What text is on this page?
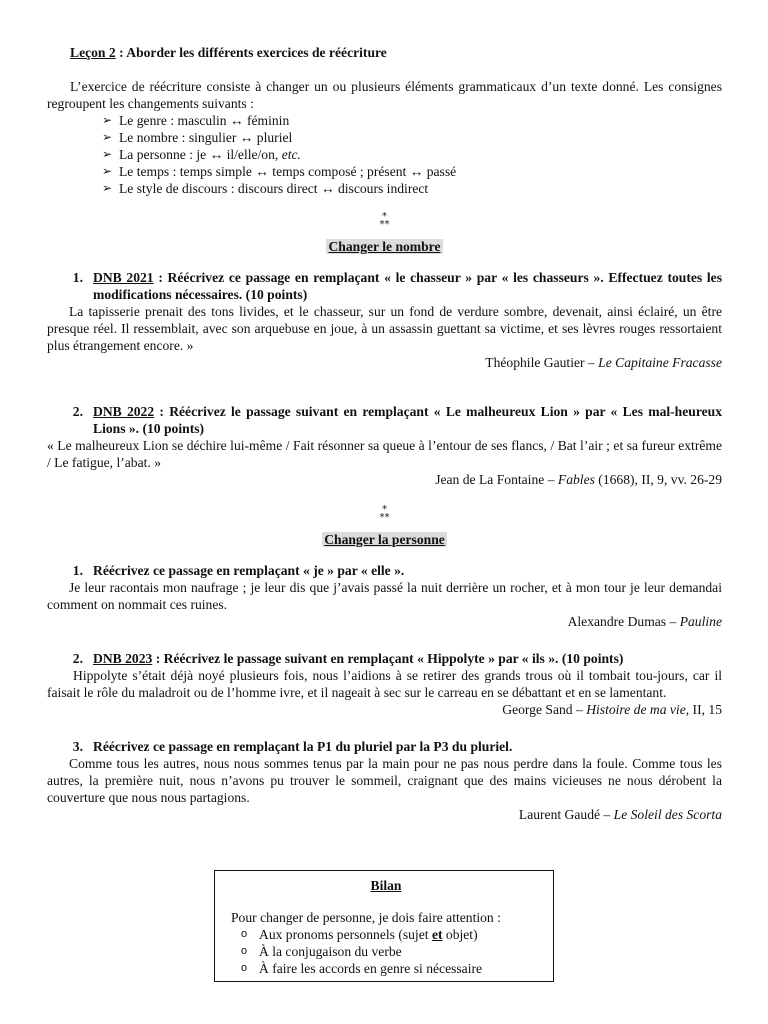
Leçon 2 : Aborder les différents exercices de réécriture
L’exercice de réécriture consiste à changer un ou plusieurs éléments grammaticaux d’un texte donné. Les consignes regroupent les changements suivants :
➢ Le genre : masculin ↔ féminin
➢ Le nombre : singulier ↔ pluriel
➢ La personne : je ↔ il/elle/on, etc.
➢ Le temps : temps simple ↔ temps composé ; présent ↔ passé
➢ Le style de discours : discours direct ↔ discours indirect
*
**
Changer le nombre
1. DNB 2021 : Réécrivez ce passage en remplaçant « le chasseur » par « les chasseurs ». Effectuez toutes les modifications nécessaires. (10 points)
La tapisserie prenait des tons livides, et le chasseur, sur un fond de verdure sombre, devenait, ainsi éclairé, un être presque réel. Il ressemblait, avec son arquebuse en joue, à un assassin guettant sa victime, et ses lèvres rouges ressortaient plus étrangement encore. »
Théophile Gautier – Le Capitaine Fracasse
2. DNB 2022 : Réécrivez le passage suivant en remplaçant « Le malheureux Lion » par « Les mal-heureux Lions ». (10 points)
« Le malheureux Lion se déchire lui-même / Fait résonner sa queue à l’entour de ses flancs, / Bat l’air ; et sa fureur extrême / Le fatigue, l’abat. »
Jean de La Fontaine – Fables (1668), II, 9, vv. 26-29
*
**
Changer la personne
1. Réécrivez ce passage en remplaçant « je » par « elle ».
Je leur racontais mon naufrage ; je leur dis que j’avais passé la nuit derrière un rocher, et à mon tour je leur demandai comment on nommait ces ruines.
Alexandre Dumas – Pauline
2. DNB 2023 : Réécrivez le passage suivant en remplaçant « Hippolyte » par « ils ». (10 points)
Hippolyte s’était déjà noyé plusieurs fois, nous l’aidions à se retirer des grands trous où il tombait tou-jours, car il faisait le rôle du maladroit ou de l’homme ivre, et il nageait à sec sur le carreau en se débattant et en se lamentant.
George Sand – Histoire de ma vie, II, 15
3. Réécrivez ce passage en remplaçant la P1 du pluriel par la P3 du pluriel.
Comme tous les autres, nous nous sommes tenus par la main pour ne pas nous perdre dans la foule. Comme tous les autres, la première nuit, nous n’avons pu trouver le sommeil, craignant que des mains vicieuses ne nous dérobent la couverture que nous nous partagions.
Laurent Gaudé – Le Soleil des Scorta
Bilan
Pour changer de personne, je dois faire attention :
o Aux pronoms personnels (sujet et objet)
o À la conjugaison du verbe
o À faire les accords en genre si nécessaire
